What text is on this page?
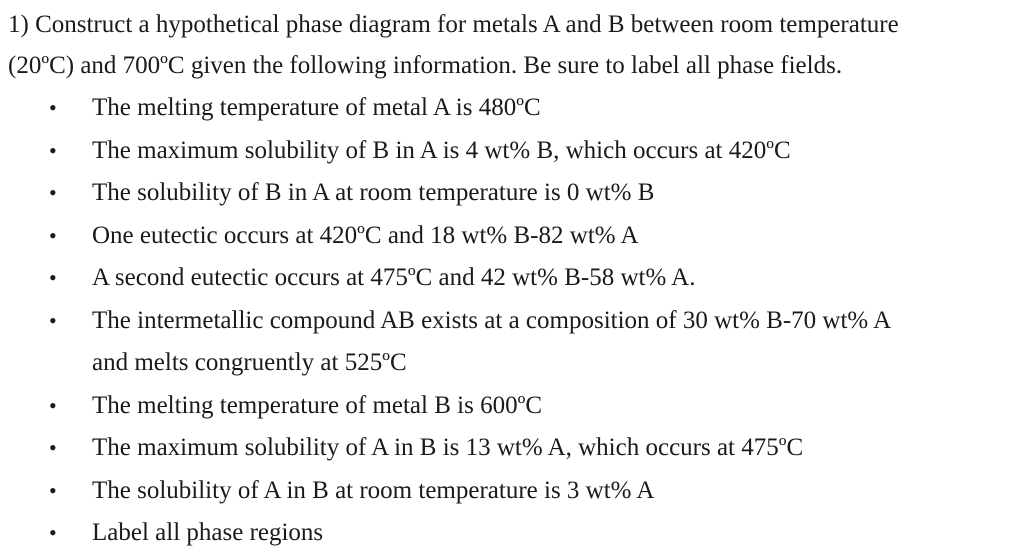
1) Construct a hypothetical phase diagram for metals A and B between room temperature
(20ºC) and 700ºC given the following information. Be sure to label all phase fields.

• The melting temperature of metal A is 480ºC
• The maximum solubility of B in A is 4 wt% B, which occurs at 420ºC
• The solubility of B in A at room temperature is 0 wt% B
• One eutectic occurs at 420ºC and 18 wt% B-82 wt% A
• A second eutectic occurs at 475ºC and 42 wt% B-58 wt% A.
• The intermetallic compound AB exists at a composition of 30 wt% B-70 wt% A
and melts congruently at 525ºC
• The melting temperature of metal B is 600ºC
• The maximum solubility of A in B is 13 wt% A, which occurs at 475ºC
• The solubility of A in B at room temperature is 3 wt% A
• Label all phase regions
